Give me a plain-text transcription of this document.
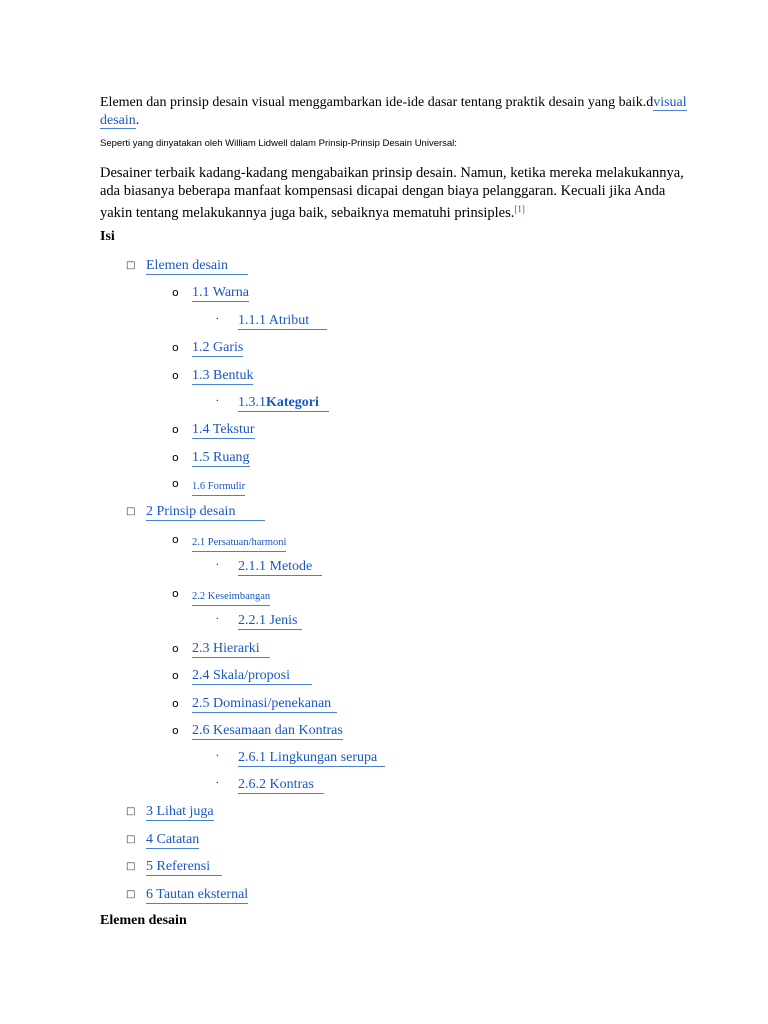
Elemen dan prinsip desain visual menggambarkan ide-ide dasar tentang praktik desain yang baik.dvisual
desain.
Seperti yang dinyatakan oleh William Lidwell dalam Prinsip-Prinsip Desain Universal:
Desainer terbaik kadang-kadang mengabaikan prinsip desain. Namun, ketika mereka melakukannya, ada biasanya beberapa manfaat kompensasi dicapai dengan biaya pelanggaran. Kecuali jika Anda yakin tentang melakukannya juga baik, sebaiknya mematuhi prinsiples.[1]
Isi
□ Elemen desain
o 1.1 Warna
. 1.1.1 Atribut
o 1.2 Garis
o 1.3 Bentuk
. 1.3.1Kategori
o 1.4 Tekstur
o 1.5 Ruang
o 1.6 Formulir
□ 2 Prinsip desain
o 2.1 Persatuan/harmoni
. 2.1.1 Metode
o 2.2 Keseimbangan
. 2.2.1 Jenis
o 2.3 Hierarki
o 2.4 Skala/proposi
o 2.5 Dominasi/penekanan
o 2.6 Kesamaan dan Kontras
. 2.6.1 Lingkungan serupa
. 2.6.2 Kontras
□ 3 Lihat juga
□ 4 Catatan
□ 5 Referensi
□ 6 Tautan eksternal
Elemen desain
